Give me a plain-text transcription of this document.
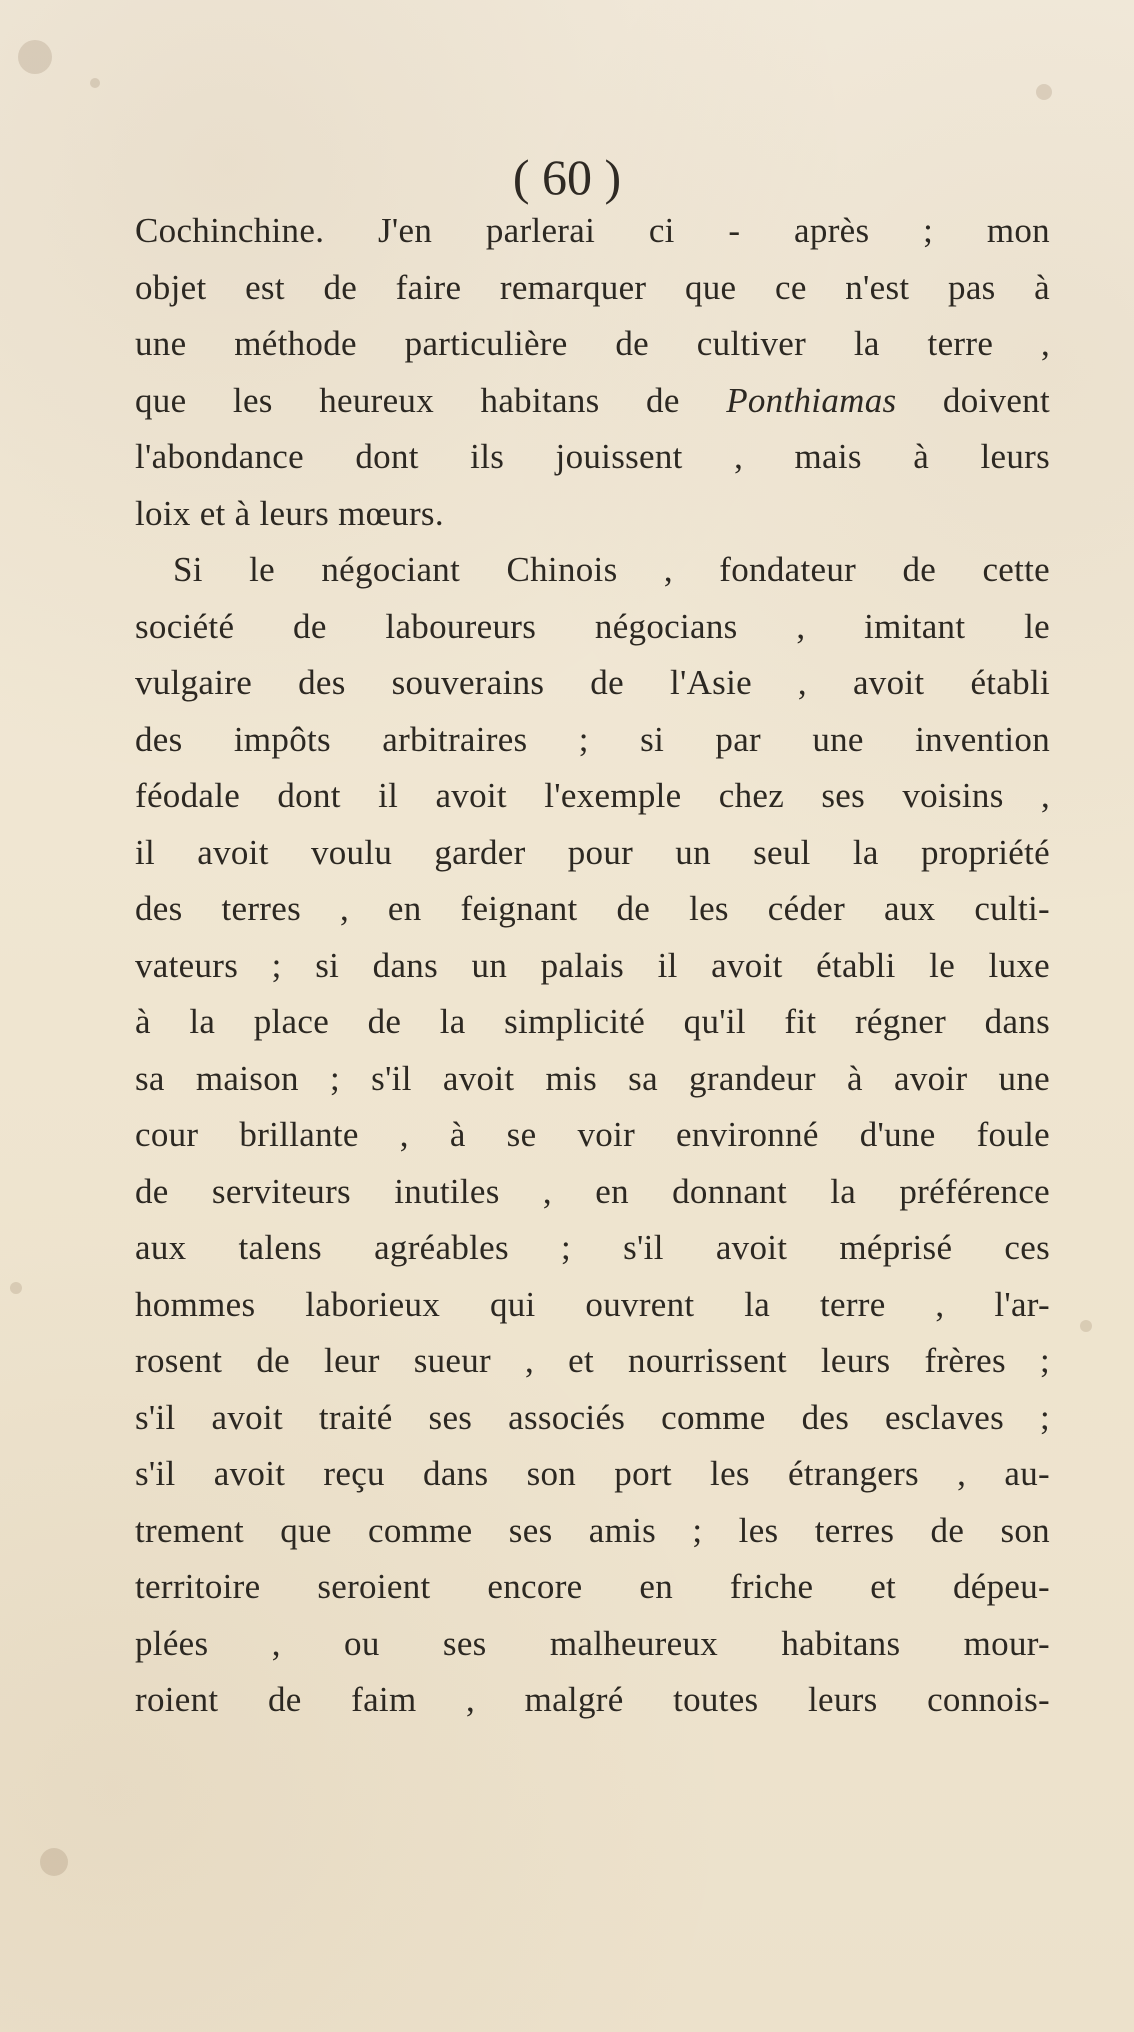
( 60 )
Cochinchine. J'en parlerai ci - après ; mon
objet est de faire remarquer que ce n'est pas à
une méthode particulière de cultiver la terre ,
que les heureux habitans de Ponthiamas doivent
l'abondance dont ils jouissent , mais à leurs
loix et à leurs mœurs.
Si le négociant Chinois , fondateur de cette
société de laboureurs négocians , imitant le
vulgaire des souverains de l'Asie , avoit établi
des impôts arbitraires ; si par une invention
féodale dont il avoit l'exemple chez ses voisins ,
il avoit voulu garder pour un seul la propriété
des terres , en feignant de les céder aux culti-
vateurs ; si dans un palais il avoit établi le luxe
à la place de la simplicité qu'il fit régner dans
sa maison ; s'il avoit mis sa grandeur à avoir une
cour brillante , à se voir environné d'une foule
de serviteurs inutiles , en donnant la préférence
aux talens agréables ; s'il avoit méprisé ces
hommes laborieux qui ouvrent la terre , l'ar-
rosent de leur sueur , et nourrissent leurs frères ;
s'il avoit traité ses associés comme des esclaves ;
s'il avoit reçu dans son port les étrangers , au-
trement que comme ses amis ; les terres de son
territoire seroient encore en friche et dépeu-
plées , ou ses malheureux habitans mour-
roient de faim , malgré toutes leurs connois-
